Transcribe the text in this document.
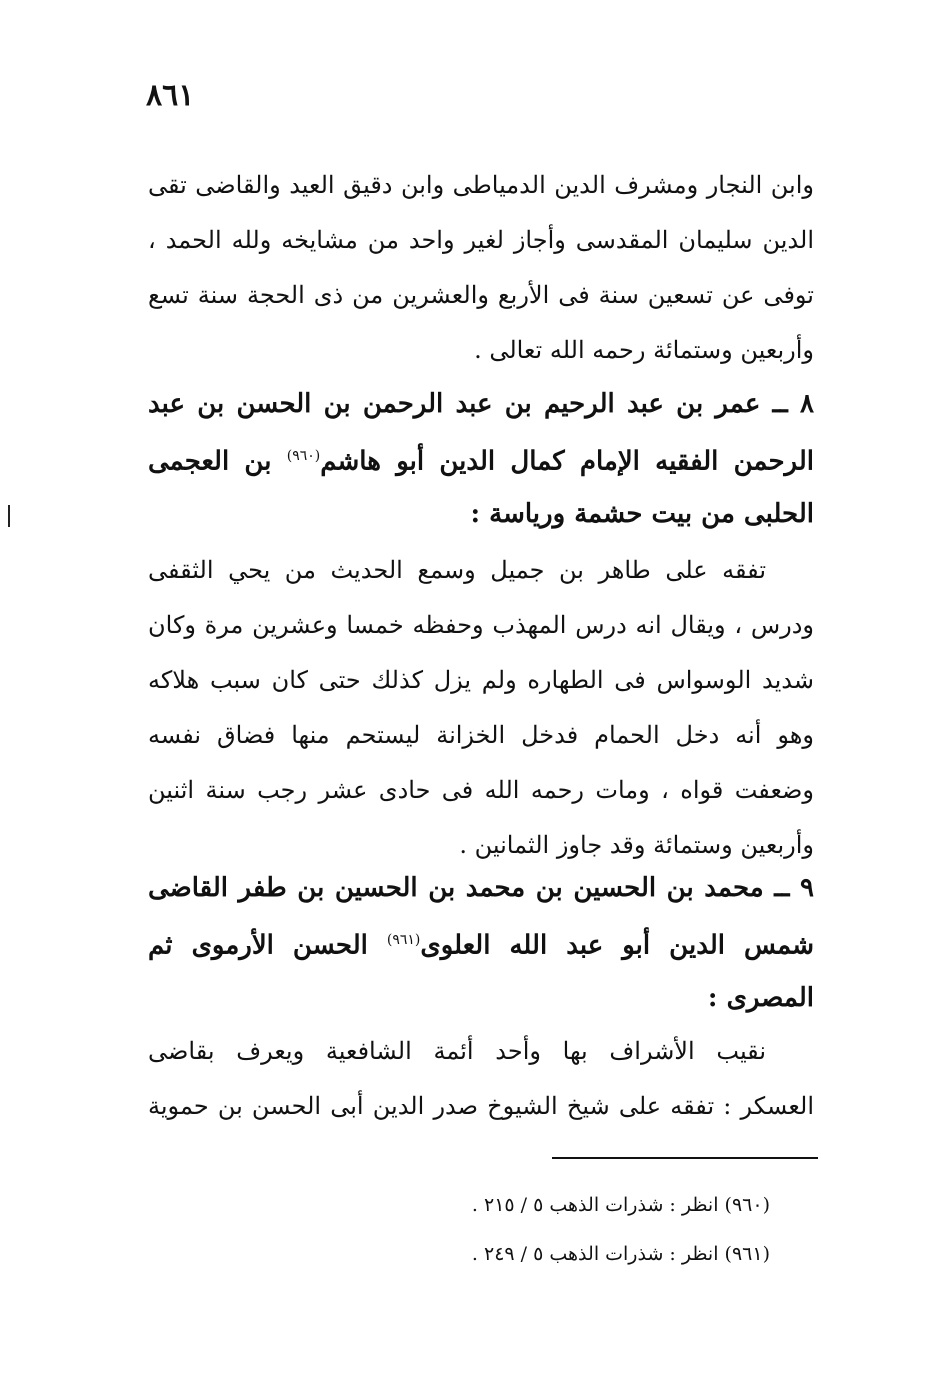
٨٦١
وابن النجار ومشرف الدين الدمياطى وابن دقيق العيد والقاضى تقى
الدين سليمان المقدسى وأجاز لغير واحد من مشايخه ولله الحمد ،
توفى عن تسعين سنة فى الأربع والعشرين من ذى الحجة سنة تسع
وأربعين وستمائة رحمه الله تعالى .
٨ ــ عمر بن عبد الرحيم بن عبد الرحمن بن الحسن بن عبد
الرحمن الفقيه الإمام كمال الدين أبو هاشم$^{(٩٦٠)}$ بن العجمى
الحلبى من بيت حشمة ورياسة :
تفقه على طاهر بن جميل وسمع الحديث من يحي الثقفى
ودرس ، ويقال انه درس المهذب وحفظه خمسا وعشرين مرة وكان
شديد الوسواس فى الطهاره ولم يزل كذلك حتى كان سبب هلاكه
وهو أنه دخل الحمام فدخل الخزانة ليستحم منها فضاق نفسه
وضعفت قواه ، ومات رحمه الله فى حادى عشر رجب سنة اثنين
وأربعين وستمائة وقد جاوز الثمانين .
٩ ــ محمد بن الحسين بن محمد بن الحسين بن طفر القاضى
شمس الدين أبو عبد الله العلوى$^{(٩٦١)}$ الحسن الأرموى ثم
المصرى :
نقيب الأشراف بها وأحد أئمة الشافعية ويعرف بقاضى
العسكر : تفقه على شيخ الشيوخ صدر الدين أبى الحسن بن حموية
(٩٦٠) انظر : شذرات الذهب ٥ / ٢١٥ .
(٩٦١) انظر : شذرات الذهب ٥ / ٢٤٩ .
